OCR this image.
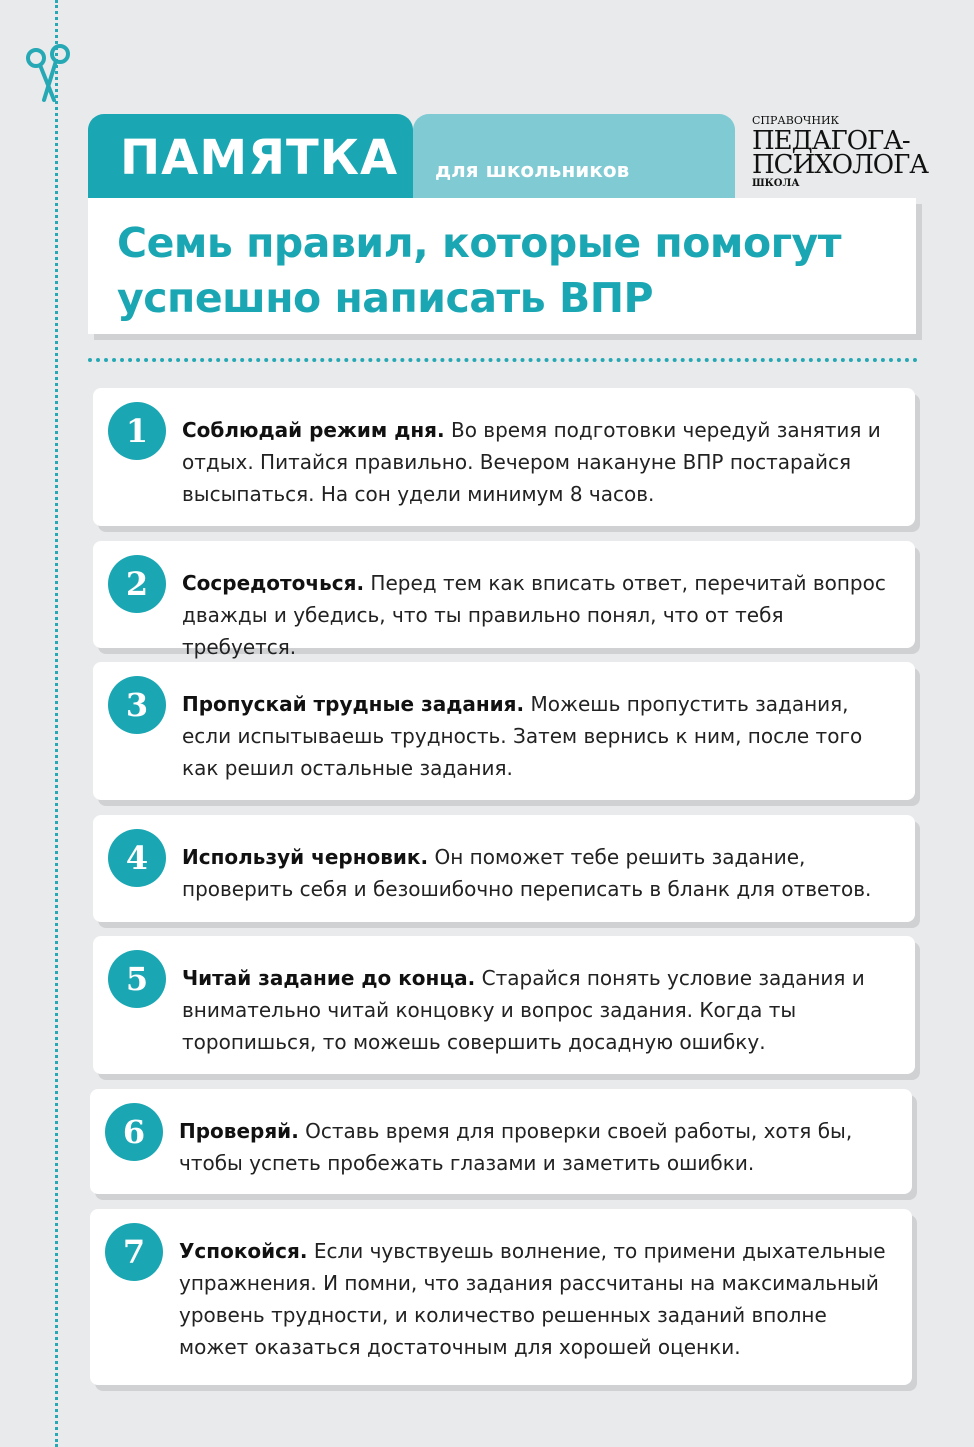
ПАМЯТКА для школьников
СПРАВОЧНИК
ПЕДАГОГА-
ПСИХОЛОГА
ШКОЛА
Семь правил, которые помогут успешно написать ВПР
1	Соблюдай режим дня. Во время подготовки чередуй занятия и отдых. Питайся правильно. Вечером накануне ВПР постарайся высыпаться. На сон удели минимум 8 часов.

2	Сосредоточься. Перед тем как вписать ответ, перечитай вопрос дважды и убедись, что ты правильно понял, что от тебя требуется.

3	Пропускай трудные задания. Можешь пропустить задания, если испытываешь трудность. Затем вернись к ним, после того как решил остальные задания.

4	Используй черновик. Он поможет тебе решить задание, проверить себя и безошибочно переписать в бланк для ответов.

5	Читай задание до конца. Старайся понять условие задания и внимательно читай концовку и вопрос задания. Когда ты торопишься, то можешь совершить досадную ошибку.

6	Проверяй. Оставь время для проверки своей работы, хотя бы, чтобы успеть пробежать глазами и заметить ошибки.

7	Успокойся. Если чувствуешь волнение, то примени дыхательные упражнения. И помни, что задания рассчитаны на максимальный уровень трудности, и количество решенных заданий вполне может оказаться достаточным для хорошей оценки.
